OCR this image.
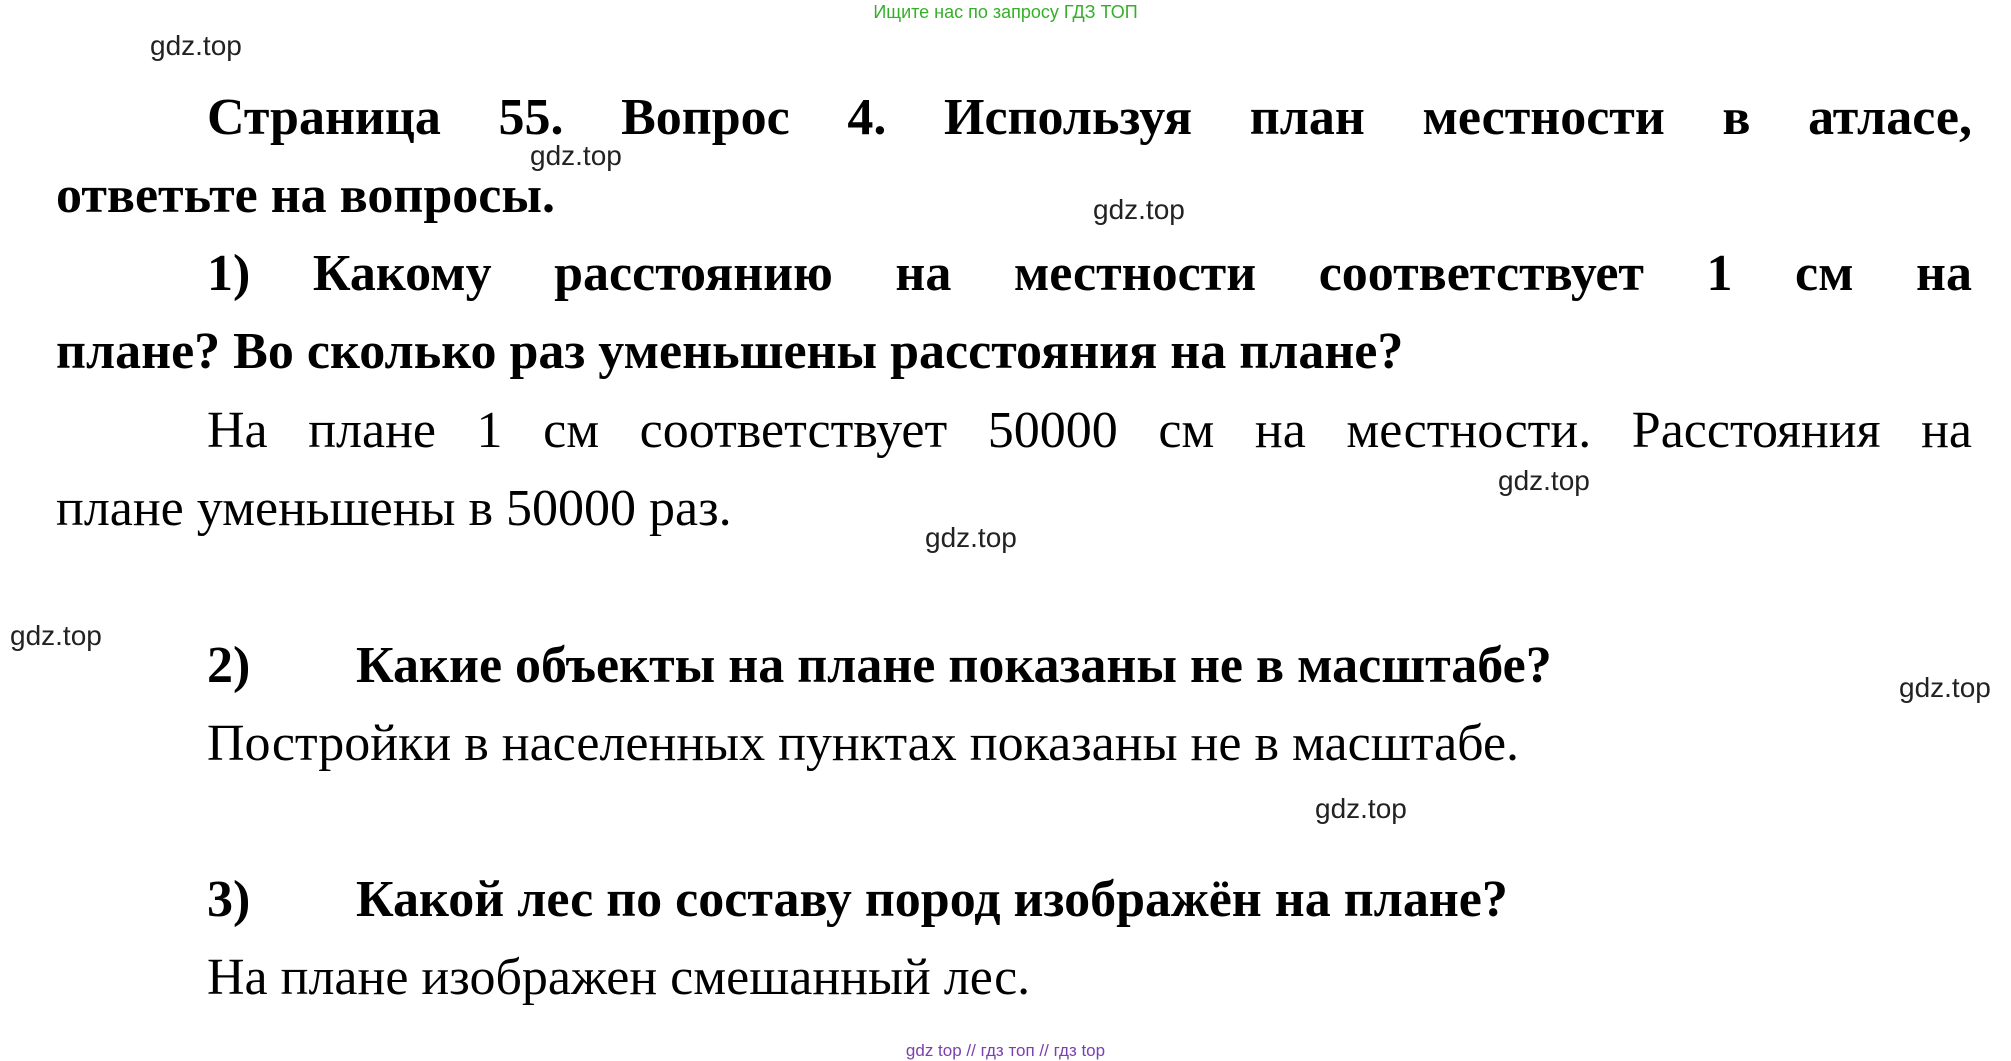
Ищите нас по запросу ГДЗ ТОП
gdz.top
gdz.top
gdz.top
gdz.top
gdz.top
gdz.top
gdz.top
gdz.top
Страница 55. Вопрос 4. Используя план местности в атласе,
ответьте на вопросы.
1) Какому расстоянию на местности соответствует 1 см на
плане? Во сколько раз уменьшены расстояния на плане?
На плане 1 см соответствует 50000 см на местности. Расстояния на
плане уменьшены в 50000 раз.
2) Какие объекты на плане показаны не в масштабе?
Постройки в населенных пунктах показаны не в масштабе.
3) Какой лес по составу пород изображён на плане?
На плане изображен смешанный лес.
gdz top // гдз топ // гдз top
